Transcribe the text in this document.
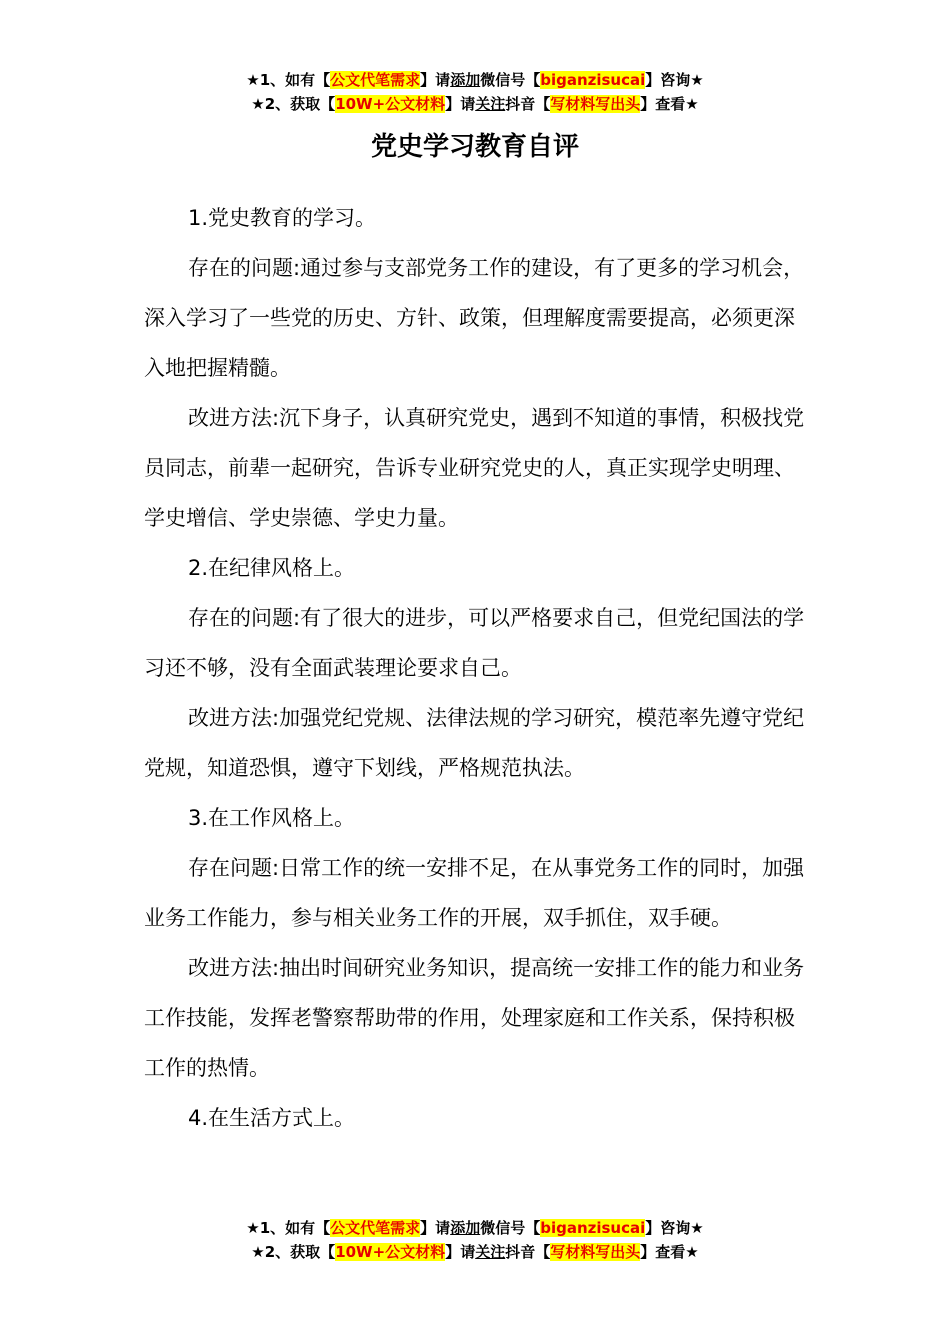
★1、如有【公文代笔需求】请添加微信号【biganzisucai】咨询★
★2、获取【10W+公文材料】请关注抖音【写材料写出头】查看★
党史学习教育自评

1.党史教育的学习。

存在的问题:通过参与支部党务工作的建设，有了更多的学习机会，深入学习了一些党的历史、方针、政策，但理解度需要提高，必须更深入地把握精髓。

改进方法:沉下身子，认真研究党史，遇到不知道的事情，积极找党员同志，前辈一起研究，告诉专业研究党史的人，真正实现学史明理、学史增信、学史崇德、学史力量。

2.在纪律风格上。

存在的问题:有了很大的进步，可以严格要求自己，但党纪国法的学习还不够，没有全面武装理论要求自己。

改进方法:加强党纪党规、法律法规的学习研究，模范率先遵守党纪党规，知道恐惧，遵守下划线，严格规范执法。

3.在工作风格上。

存在问题:日常工作的统一安排不足，在从事党务工作的同时，加强业务工作能力，参与相关业务工作的开展，双手抓住，双手硬。

改进方法:抽出时间研究业务知识，提高统一安排工作的能力和业务工作技能，发挥老警察帮助带的作用，处理家庭和工作关系，保持积极工作的热情。

4.在生活方式上。

★1、如有【公文代笔需求】请添加微信号【biganzisucai】咨询★
★2、获取【10W+公文材料】请关注抖音【写材料写出头】查看★
